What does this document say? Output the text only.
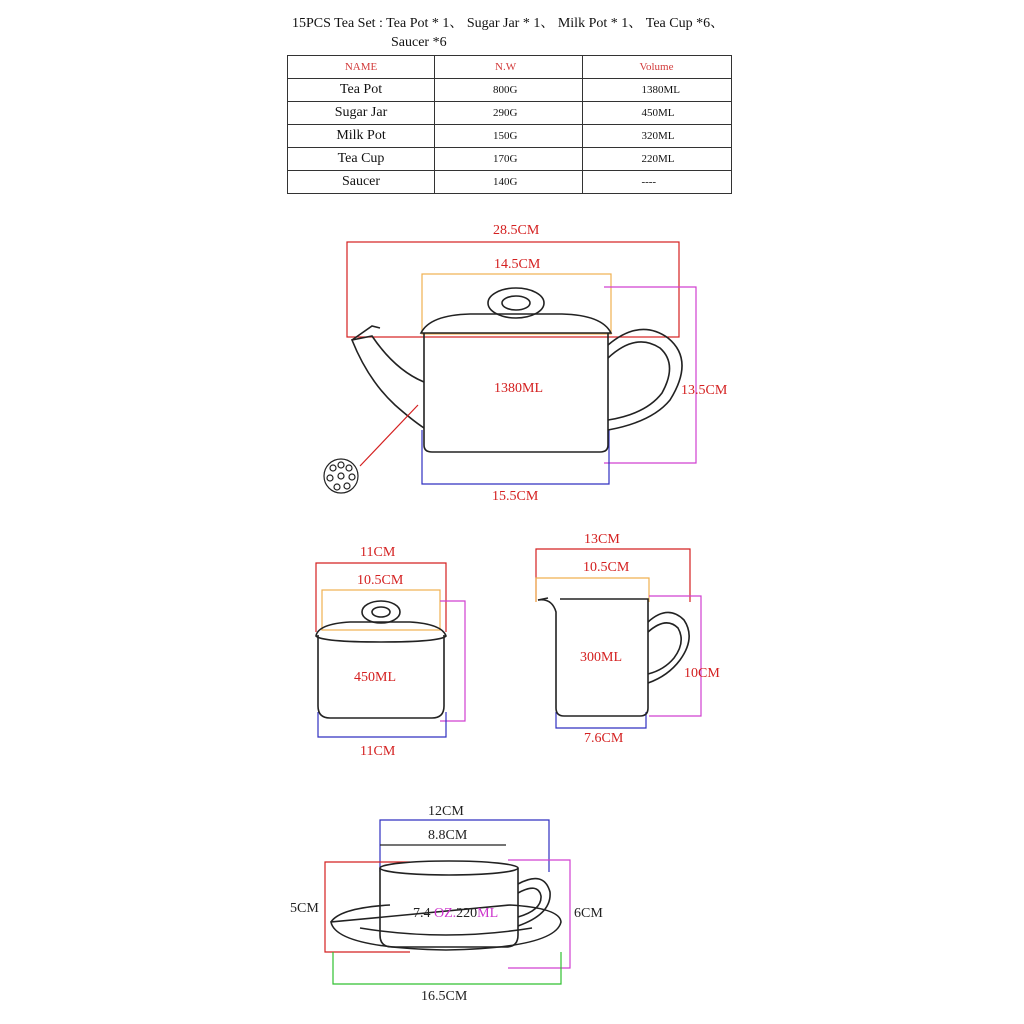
15PCS Tea Set : Tea Pot * 1、 Sugar Jar * 1、 Milk Pot * 1、 Tea Cup *6、
Saucer *6
NAME	N.W	Volume
Tea Pot	800G	1380ML
Sugar Jar	290G	450ML
Milk Pot	150G	320ML
Tea Cup	170G	220ML
Saucer	140G	----
28.5CM
14.5CM
1380ML	13.5CM
15.5CM
11CM
10.5CM
450ML
11CM
13CM
10.5CM
300ML
10CM
7.6CM
12CM
8.8CM
5CM	6CM
16.5CM
7.4 OZ.220ML
